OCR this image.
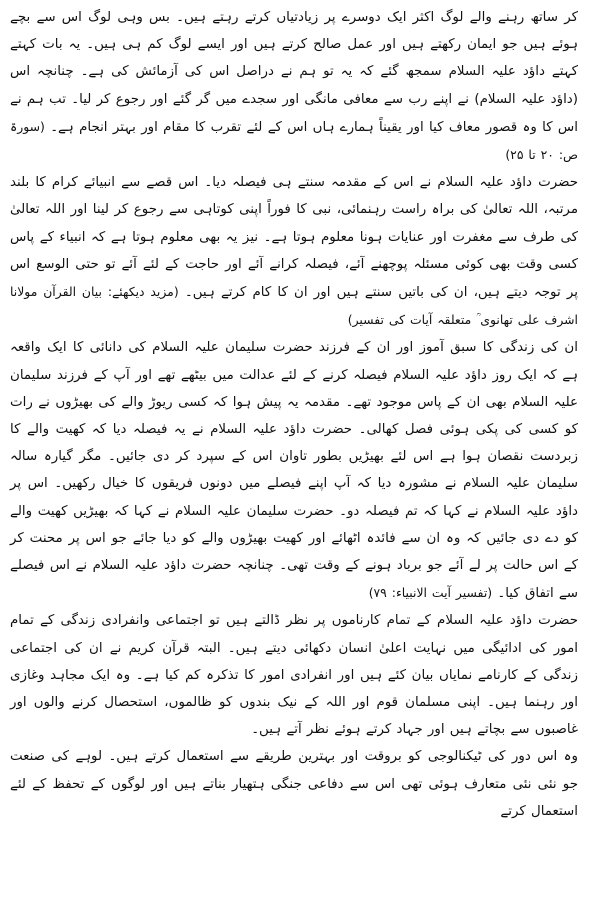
کر ساتھ رہنے والے لوگ اکثر ایک دوسرے پر زیادتیاں کرتے رہتے ہیں۔ بس وہی لوگ اس سے بچے ہوئے ہیں جو ایمان رکھتے ہیں اور عمل صالح کرتے ہیں اور ایسے لوگ کم ہی ہیں۔ یہ بات کہتے کہتے داؤد علیہ السلام سمجھ گئے کہ یہ تو ہم نے دراصل اس کی آزمائش کی ہے۔ چنانچہ اس (داؤد علیہ السلام) نے اپنے رب سے معافی مانگی اور سجدے میں گر گئے اور رجوع کر لیا۔ تب ہم نے اس کا وہ قصور معاف کیا اور یقیناً ہمارے ہاں اس کے لئے تقرب کا مقام اور بہتر انجام ہے۔ (سورۃ ص: ۲۰ تا ۲۵)

حضرت داؤد علیہ السلام نے اس کے مقدمہ سنتے ہی فیصلہ دیا۔ اس قصے سے انبیائے کرام کا بلند مرتبہ، اللہ تعالیٰ کی براہ راست رہنمائی، نبی کا فوراً اپنی کوتاہی سے رجوع کر لینا اور اللہ تعالیٰ کی طرف سے مغفرت اور عنایات ہونا معلوم ہوتا ہے۔ نیز یہ بھی معلوم ہوتا ہے کہ انبیاء کے پاس کسی وقت بھی کوئی مسئلہ پوچھنے آئے، فیصلہ کرانے آئے اور حاجت کے لئے آئے تو حتی الوسع اس پر توجہ دیتے ہیں، ان کی باتیں سنتے ہیں اور ان کا کام کرتے ہیں۔ (مزید دیکھئے: بیان القرآن مولانا اشرف علی تھانوی ؒ متعلقہ آیات کی تفسیر)

ان کی زندگی کا سبق آموز اور ان کے فرزند حضرت سلیمان علیہ السلام کی دانائی کا ایک واقعہ ہے کہ ایک روز داؤد علیہ السلام فیصلہ کرنے کے لئے عدالت میں بیٹھے تھے اور آپ کے فرزند سلیمان علیہ السلام بھی ان کے پاس موجود تھے۔ مقدمہ یہ پیش ہوا کہ کسی ریوڑ والے کی بھیڑوں نے رات کو کسی کی پکی ہوئی فصل کھالی۔ حضرت داؤد علیہ السلام نے یہ فیصلہ دیا کہ کھیت والے کا زبردست نقصان ہوا ہے اس لئے بھیڑیں بطور تاوان اس کے سپرد کر دی جائیں۔ مگر گیارہ سالہ سلیمان علیہ السلام نے مشورہ دیا کہ آپ اپنے فیصلے میں دونوں فریقوں کا خیال رکھیں۔ اس پر داؤد علیہ السلام نے کہا کہ تم فیصلہ دو۔ حضرت سلیمان علیہ السلام نے کہا کہ بھیڑیں کھیت والے کو دے دی جائیں کہ وہ ان سے فائدہ اٹھائے اور کھیت بھیڑوں والے کو دیا جائے جو اس پر محنت کر کے اس حالت پر لے آئے جو برباد ہونے کے وقت تھی۔ چنانچہ حضرت داؤد علیہ السلام نے اس فیصلے سے اتفاق کیا۔ (تفسیر آیت الانبیاء: ۷۹)

حضرت داؤد علیہ السلام کے تمام کارناموں پر نظر ڈالتے ہیں تو اجتماعی وانفرادی زندگی کے تمام امور کی ادائیگی میں نہایت اعلیٰ انسان دکھائی دیتے ہیں۔ البتہ قرآن کریم نے ان کی اجتماعی زندگی کے کارنامے نمایاں بیان کئے ہیں اور انفرادی امور کا تذکرہ کم کیا ہے۔ وہ ایک مجاہد وغازی اور رہنما ہیں۔ اپنی مسلمان قوم اور اللہ کے نیک بندوں کو ظالموں، استحصال کرنے والوں اور غاصبوں سے بچاتے ہیں اور جہاد کرتے ہوئے نظر آتے ہیں۔

وہ اس دور کی ٹیکنالوجی کو بروقت اور بہترین طریقے سے استعمال کرتے ہیں۔ لوہے کی صنعت جو نئی نئی متعارف ہوئی تھی اس سے دفاعی جنگی ہتھیار بناتے ہیں اور لوگوں کے تحفظ کے لئے استعمال کرتے
